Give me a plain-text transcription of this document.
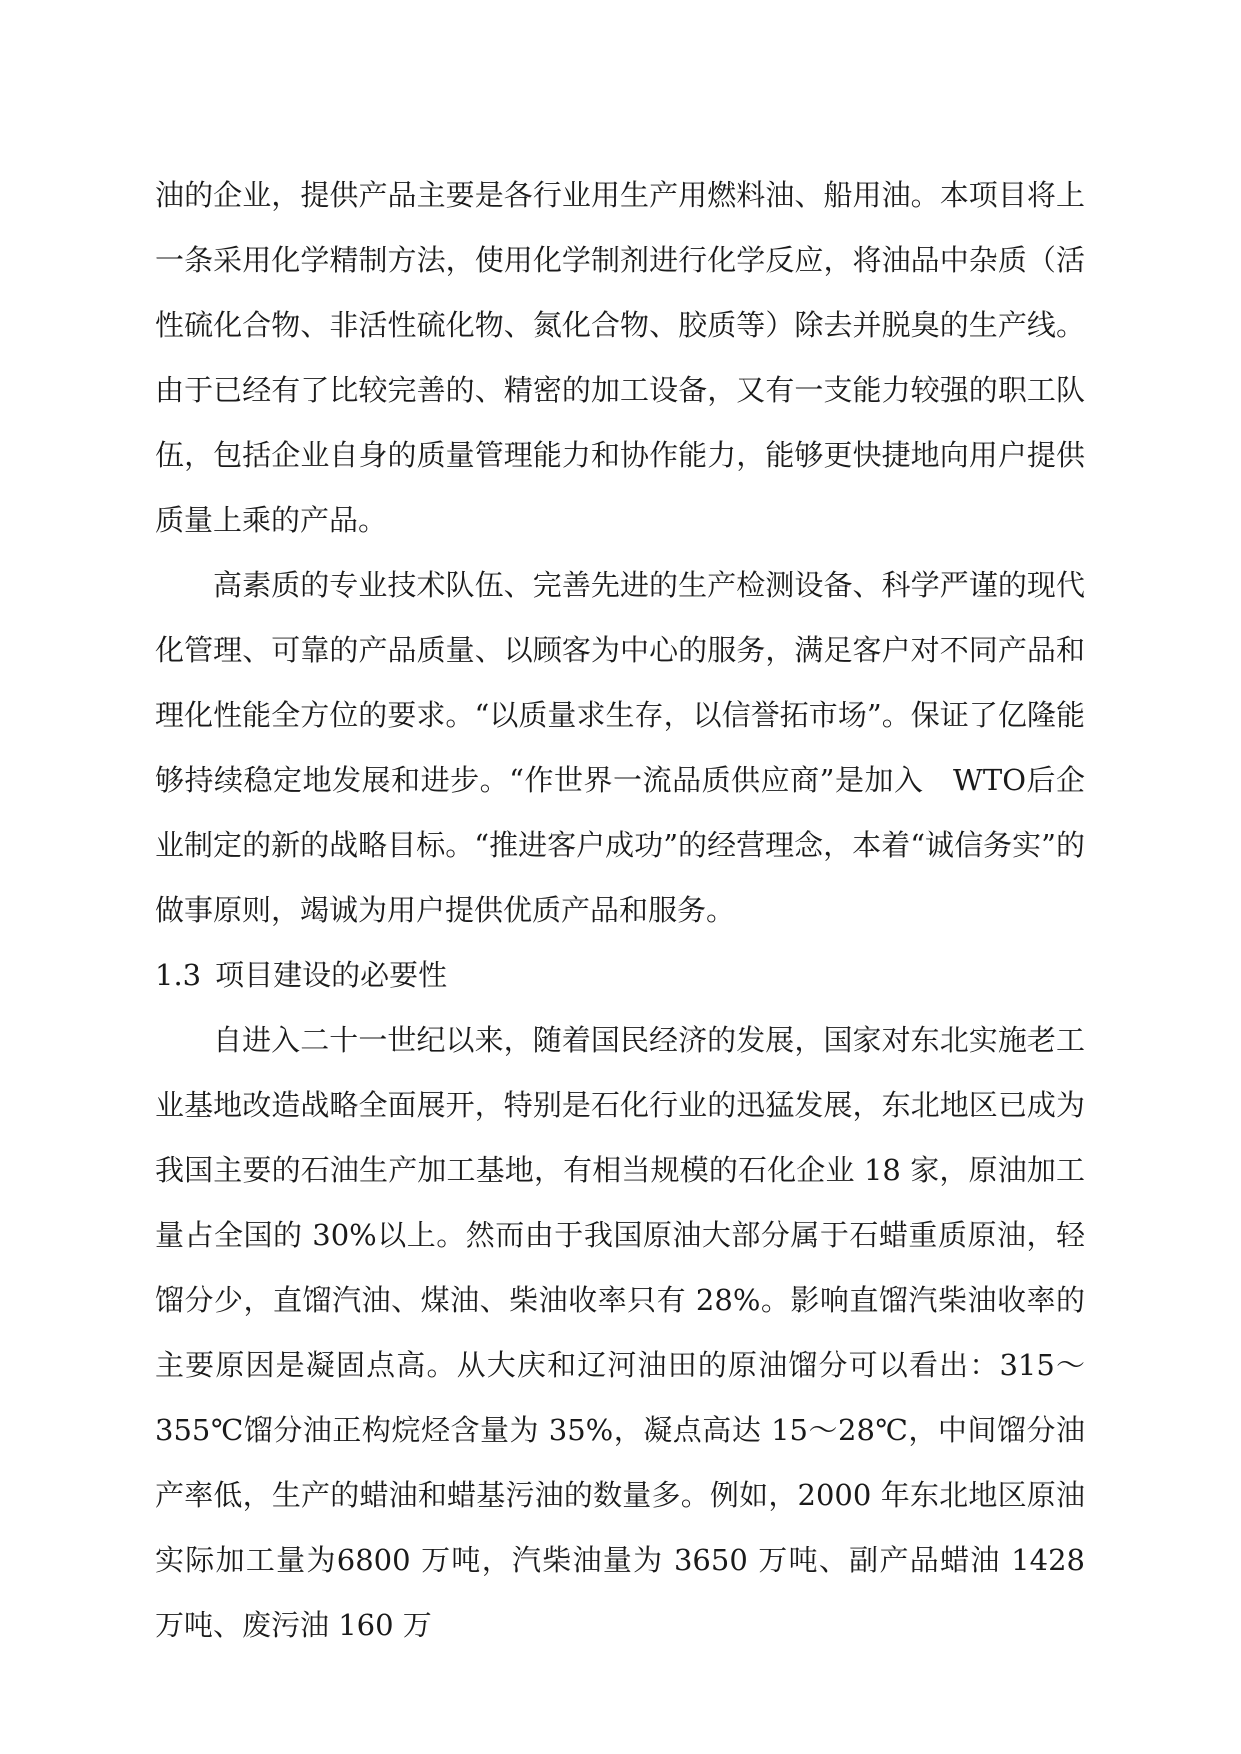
油的企业，提供产品主要是各行业用生产用燃料油、船用油。本项目将上一条采用化学精制方法，使用化学制剂进行化学反应，将油品中杂质（活性硫化合物、非活性硫化物、氮化合物、胶质等）除去并脱臭的生产线。由于已经有了比较完善的、精密的加工设备，又有一支能力较强的职工队伍，包括企业自身的质量管理能力和协作能力，能够更快捷地向用户提供质量上乘的产品。

高素质的专业技术队伍、完善先进的生产检测设备、科学严谨的现代化管理、可靠的产品质量、以顾客为中心的服务，满足客户对不同产品和理化性能全方位的要求。“以质量求生存，以信誉拓市场”。保证了亿隆能够持续稳定地发展和进步。“作世界一流品质供应商”是加入　WTO后企业制定的新的战略目标。“推进客户成功”的经营理念，本着“诚信务实”的做事原则，竭诚为用户提供优质产品和服务。

1.3 项目建设的必要性

自进入二十一世纪以来，随着国民经济的发展，国家对东北实施老工业基地改造战略全面展开，特别是石化行业的迅猛发展，东北地区已成为我国主要的石油生产加工基地，有相当规模的石化企业 18 家，原油加工量占全国的 30%以上。然而由于我国原油大部分属于石蜡重质原油，轻馏分少，直馏汽油、煤油、柴油收率只有 28%。影响直馏汽柴油收率的主要原因是凝固点高。从大庆和辽河油田的原油馏分可以看出：315～355℃馏分油正构烷烃含量为 35%，凝点高达 15～28℃，中间馏分油产率低，生产的蜡油和蜡基污油的数量多。例如，2000 年东北地区原油实际加工量为6800 万吨，汽柴油量为 3650 万吨、副产品蜡油 1428 万吨、废污油 160 万
